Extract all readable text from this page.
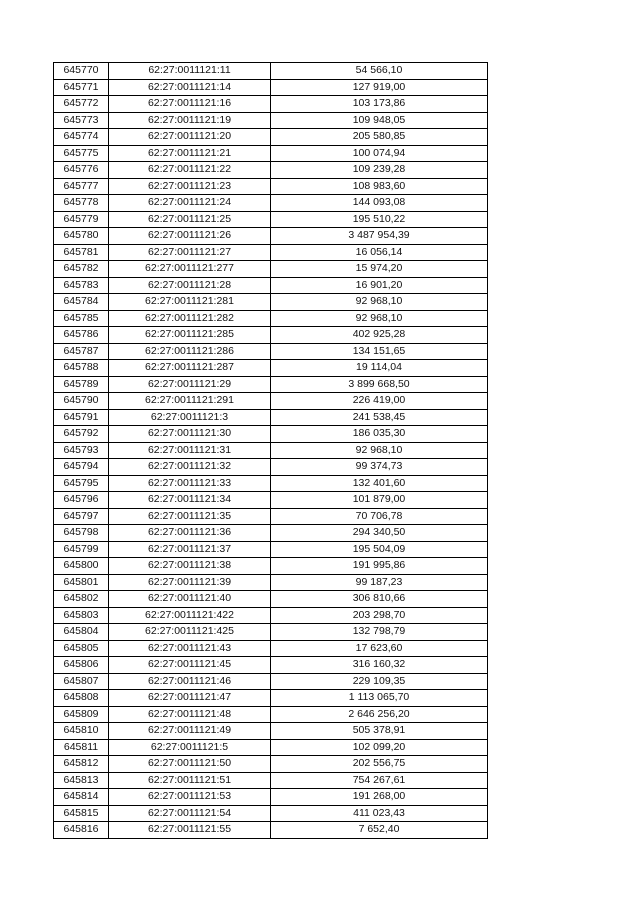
645770	62:27:0011121:11	54 566,10
645771	62:27:0011121:14	127 919,00
645772	62:27:0011121:16	103 173,86
645773	62:27:0011121:19	109 948,05
645774	62:27:0011121:20	205 580,85
645775	62:27:0011121:21	100 074,94
645776	62:27:0011121:22	109 239,28
645777	62:27:0011121:23	108 983,60
645778	62:27:0011121:24	144 093,08
645779	62:27:0011121:25	195 510,22
645780	62:27:0011121:26	3 487 954,39
645781	62:27:0011121:27	16 056,14
645782	62:27:0011121:277	15 974,20
645783	62:27:0011121:28	16 901,20
645784	62:27:0011121:281	92 968,10
645785	62:27:0011121:282	92 968,10
645786	62:27:0011121:285	402 925,28
645787	62:27:0011121:286	134 151,65
645788	62:27:0011121:287	19 114,04
645789	62:27:0011121:29	3 899 668,50
645790	62:27:0011121:291	226 419,00
645791	62:27:0011121:3	241 538,45
645792	62:27:0011121:30	186 035,30
645793	62:27:0011121:31	92 968,10
645794	62:27:0011121:32	99 374,73
645795	62:27:0011121:33	132 401,60
645796	62:27:0011121:34	101 879,00
645797	62:27:0011121:35	70 706,78
645798	62:27:0011121:36	294 340,50
645799	62:27:0011121:37	195 504,09
645800	62:27:0011121:38	191 995,86
645801	62:27:0011121:39	99 187,23
645802	62:27:0011121:40	306 810,66
645803	62:27:0011121:422	203 298,70
645804	62:27:0011121:425	132 798,79
645805	62:27:0011121:43	17 623,60
645806	62:27:0011121:45	316 160,32
645807	62:27:0011121:46	229 109,35
645808	62:27:0011121:47	1 113 065,70
645809	62:27:0011121:48	2 646 256,20
645810	62:27:0011121:49	505 378,91
645811	62:27:0011121:5	102 099,20
645812	62:27:0011121:50	202 556,75
645813	62:27:0011121:51	754 267,61
645814	62:27:0011121:53	191 268,00
645815	62:27:0011121:54	411 023,43
645816	62:27:0011121:55	7 652,40
